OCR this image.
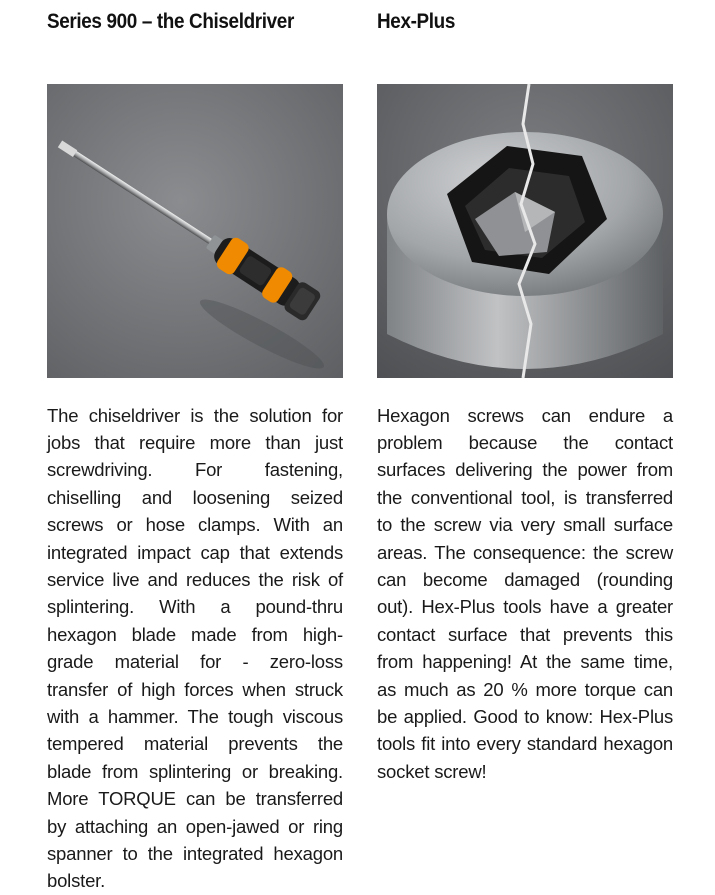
Series 900 – the Chiseldriver

The chiseldriver is the solution for jobs that require more than just screwdriving. For fastening, chiselling and loosening seized screws or hose clamps. With an integrated impact cap that extends service live and reduces the risk of splintering. With a pound-thru hexagon blade made from high-grade material for - zero-loss transfer of high forces when struck with a hammer. The tough viscous tempered material prevents the blade from splintering or breaking. More TORQUE can be transferred by attaching an open-jawed or ring spanner to the integrated hexagon bolster.

Hex-Plus

Hexagon screws can endure a problem because the contact surfaces delivering the power from the conventional tool, is transferred to the screw via very small surface areas. The consequence: the screw can become damaged (rounding out). Hex-Plus tools have a greater contact surface that prevents this from happening! At the same time, as much as 20 % more torque can be applied. Good to know: Hex-Plus tools fit into every standard hexagon socket screw!
